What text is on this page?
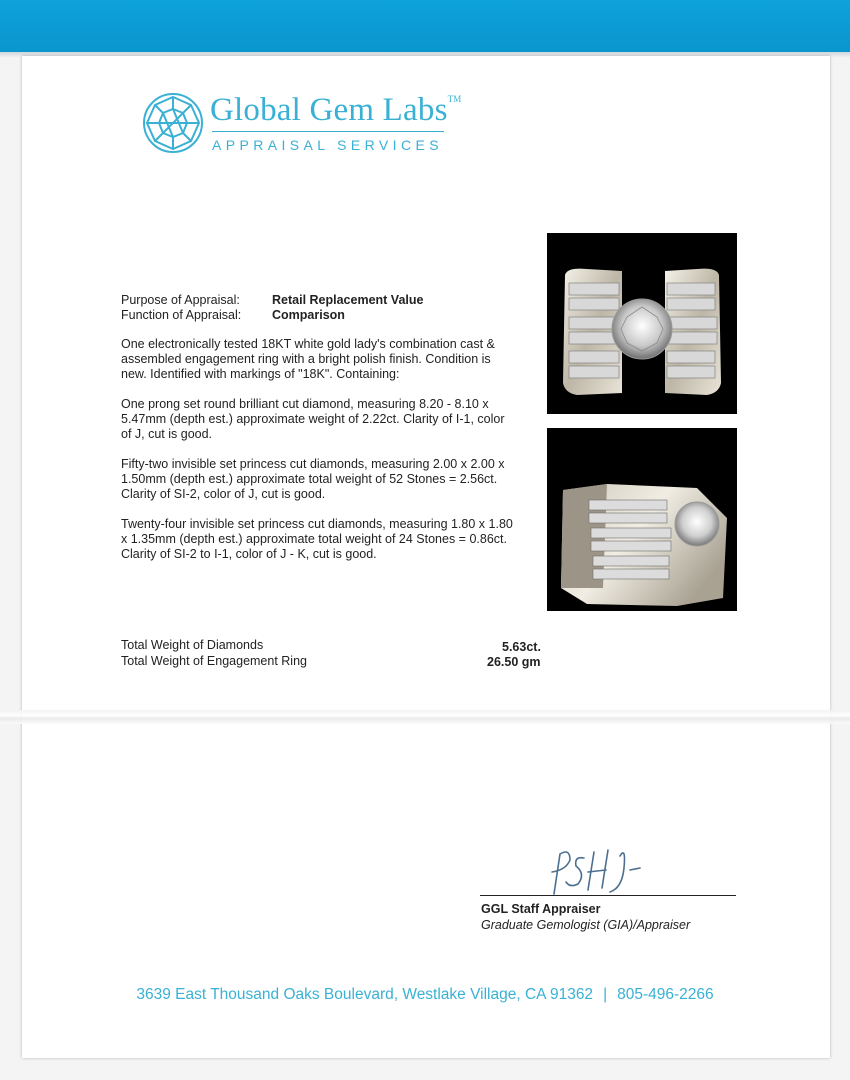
Global Gem Labs™
APPRAISAL SERVICES
Purpose of Appraisal:	Retail Replacement Value
Function of Appraisal: Comparison
One electronically tested 18KT white gold lady's combination cast & assembled engagement ring with a bright polish finish. Condition is new. Identified with markings of "18K". Containing:
One prong set round brilliant cut diamond, measuring 8.20 - 8.10 x 5.47mm (depth est.) approximate weight of 2.22ct. Clarity of I-1, color of J, cut is good.
Fifty-two invisible set princess cut diamonds, measuring 2.00 x 2.00 x 1.50mm (depth est.) approximate total weight of 52 Stones = 2.56ct. Clarity of SI-2, color of J, cut is good.
Twenty-four invisible set princess cut diamonds, measuring 1.80 x 1.80 x 1.35mm (depth est.) approximate total weight of 24 Stones = 0.86ct. Clarity of SI-2 to I-1, color of J - K, cut is good.
Total Weight of Diamonds	5.63ct.
Total Weight of Engagement Ring	26.50 gm
GGL Staff Appraiser
Graduate Gemologist (GIA)/Appraiser
3639 East Thousand Oaks Boulevard, Westlake Village, CA 91362 | 805-496-2266
